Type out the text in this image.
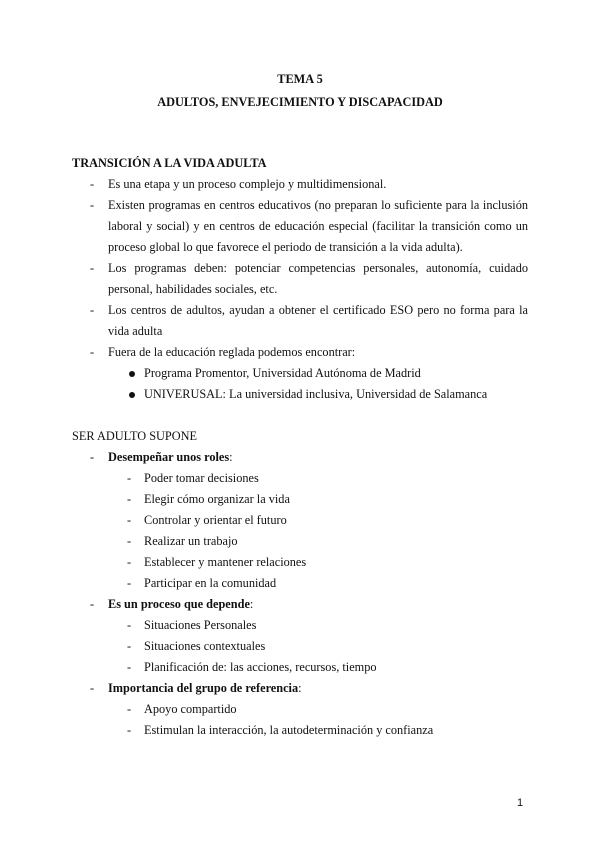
TEMA 5
ADULTOS, ENVEJECIMIENTO Y DISCAPACIDAD
TRANSICIÓN A LA VIDA ADULTA
- Es una etapa y un proceso complejo y multidimensional.
- Existen programas en centros educativos (no preparan lo suficiente para la inclusión
laboral y social) y en centros de educación especial (facilitar la transición como un
proceso global lo que favorece el periodo de transición a la vida adulta).
- Los programas deben: potenciar competencias personales, autonomía, cuidado
personal, habilidades sociales, etc.
- Los centros de adultos, ayudan a obtener el certificado ESO pero no forma para la
vida adulta
- Fuera de la educación reglada podemos encontrar:
Programa Promentor, Universidad Autónoma de Madrid
UNIVERUSAL: La universidad inclusiva, Universidad de Salamanca
SER ADULTO SUPONE
- Desempeñar unos roles:
- Poder tomar decisiones
- Elegir cómo organizar la vida
- Controlar y orientar el futuro
- Realizar un trabajo
- Establecer y mantener relaciones
- Participar en la comunidad
- Es un proceso que depende:
- Situaciones Personales
- Situaciones contextuales
- Planificación de: las acciones, recursos, tiempo
- Importancia del grupo de referencia:
- Apoyo compartido
- Estimulan la interacción, la autodeterminación y confianza
1
